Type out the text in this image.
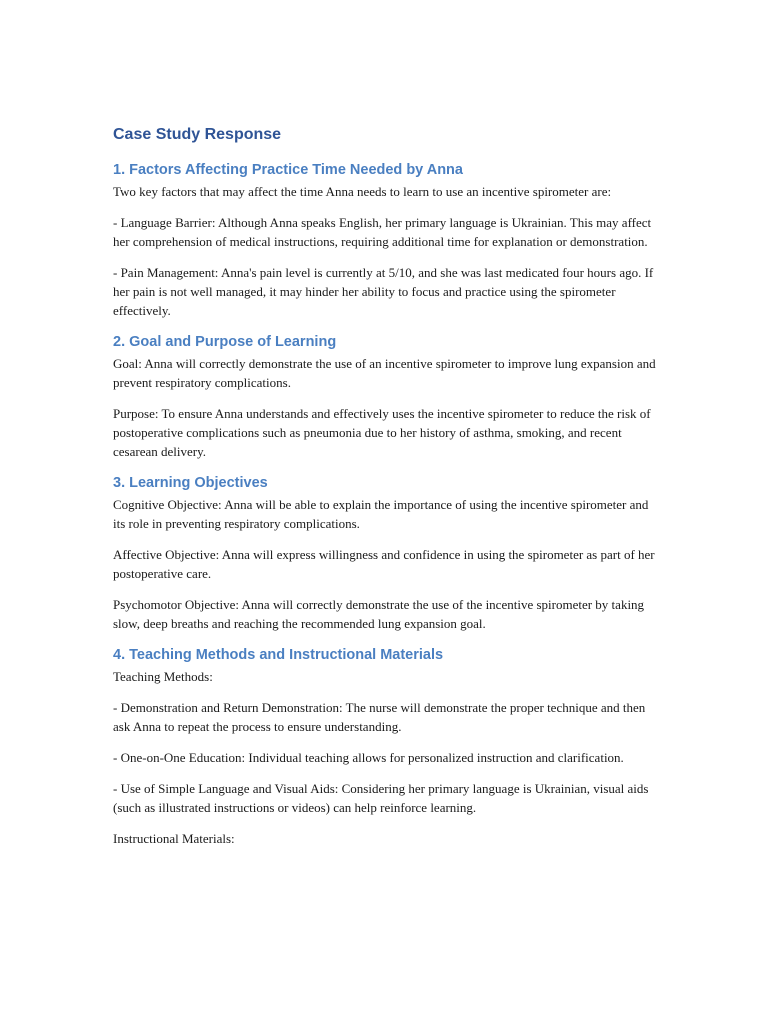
Case Study Response
1. Factors Affecting Practice Time Needed by Anna

Two key factors that may affect the time Anna needs to learn to use an incentive spirometer are:

- Language Barrier: Although Anna speaks English, her primary language is Ukrainian. This may affect her comprehension of medical instructions, requiring additional time for explanation or demonstration.

- Pain Management: Anna's pain level is currently at 5/10, and she was last medicated four hours ago. If her pain is not well managed, it may hinder her ability to focus and practice using the spirometer effectively.

2. Goal and Purpose of Learning

Goal: Anna will correctly demonstrate the use of an incentive spirometer to improve lung expansion and prevent respiratory complications.

Purpose: To ensure Anna understands and effectively uses the incentive spirometer to reduce the risk of postoperative complications such as pneumonia due to her history of asthma, smoking, and recent cesarean delivery.

3. Learning Objectives

Cognitive Objective: Anna will be able to explain the importance of using the incentive spirometer and its role in preventing respiratory complications.

Affective Objective: Anna will express willingness and confidence in using the spirometer as part of her postoperative care.

Psychomotor Objective: Anna will correctly demonstrate the use of the incentive spirometer by taking slow, deep breaths and reaching the recommended lung expansion goal.

4. Teaching Methods and Instructional Materials

Teaching Methods:

- Demonstration and Return Demonstration: The nurse will demonstrate the proper technique and then ask Anna to repeat the process to ensure understanding.

- One-on-One Education: Individual teaching allows for personalized instruction and clarification.

- Use of Simple Language and Visual Aids: Considering her primary language is Ukrainian, visual aids (such as illustrated instructions or videos) can help reinforce learning.

Instructional Materials:
